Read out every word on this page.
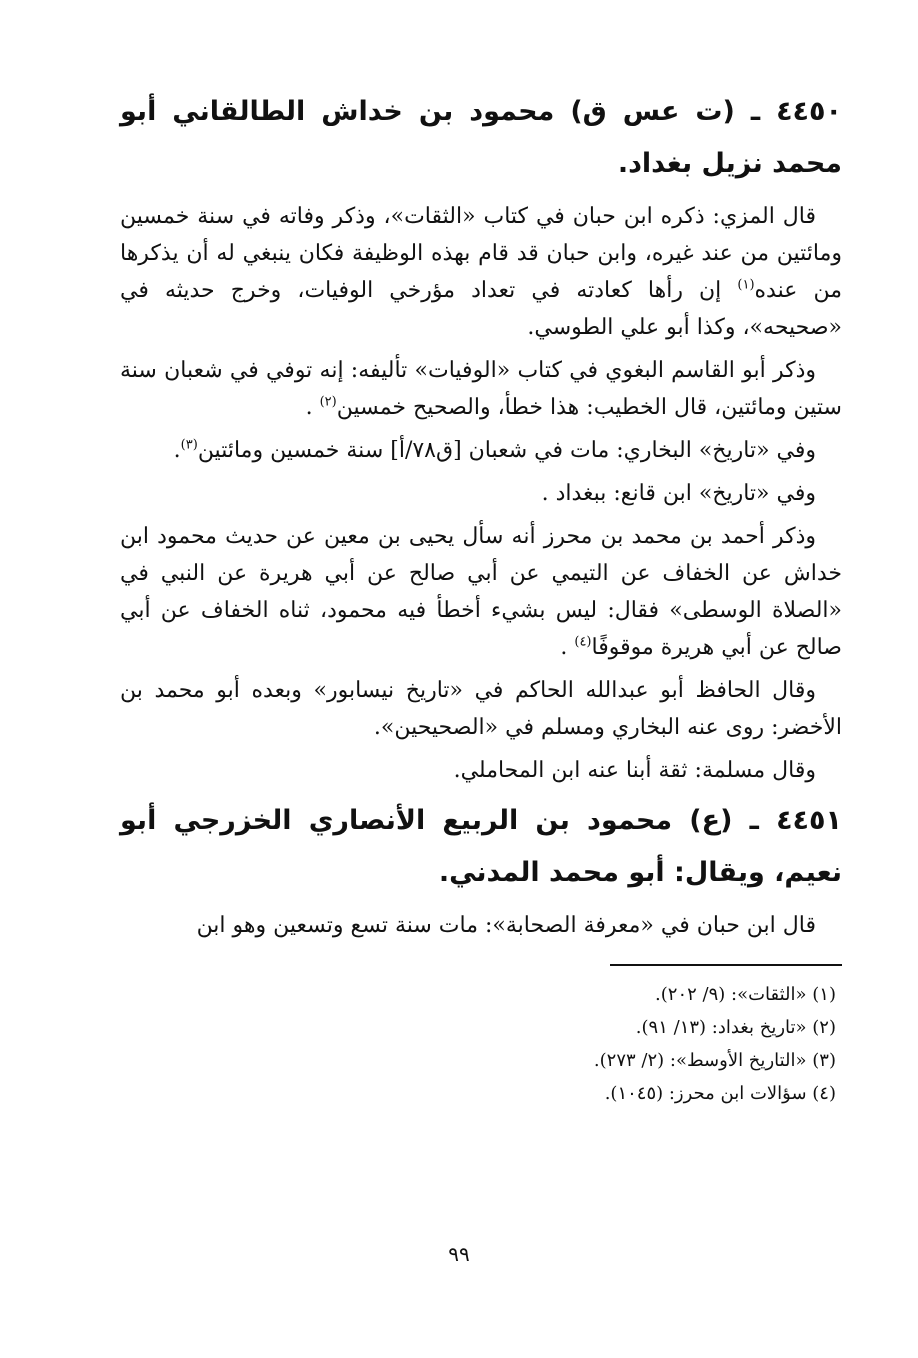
٤٤٥٠ ـ (ت عس ق) محمود بن خداش الطالقاني أبو محمد نزيل بغداد.

قال المزي: ذكره ابن حبان في كتاب «الثقات»، وذكر وفاته في سنة خمسين ومائتين من عند غيره، وابن حبان قد قام بهذه الوظيفة فكان ينبغي له أن يذكرها من عنده$^{(١)}$ إن رأها كعادته في تعداد مؤرخي الوفيات، وخرج حديثه في «صحيحه»، وكذا أبو علي الطوسي.

وذكر أبو القاسم البغوي في كتاب «الوفيات» تأليفه: إنه توفي في شعبان سنة ستين ومائتين، قال الخطيب: هذا خطأ، والصحيح خمسين$^{(٢)}$ .

وفي «تاريخ» البخاري: مات في شعبان [ق٧٨/أ] سنة خمسين ومائتين$^{(٣)}$.

وفي «تاريخ» ابن قانع: ببغداد .

وذكر أحمد بن محمد بن محرز أنه سأل يحيى بن معين عن حديث محمود ابن خداش عن الخفاف عن التيمي عن أبي صالح عن أبي هريرة عن النبي في «الصلاة الوسطى» فقال: ليس بشيء أخطأ فيه محمود، ثناه الخفاف عن أبي صالح عن أبي هريرة موقوفًا$^{(٤)}$ .

وقال الحافظ أبو عبدالله الحاكم في «تاريخ نيسابور» وبعده أبو محمد بن الأخضر: روى عنه البخاري ومسلم في «الصحيحين».

وقال مسلمة: ثقة أبنا عنه ابن المحاملي.

٤٤٥١ ـ (ع) محمود بن الربيع الأنصاري الخزرجي أبو نعيم، ويقال: أبو محمد المدني.

قال ابن حبان في «معرفة الصحابة»: مات سنة تسع وتسعين وهو ابن

(١) «الثقات»: (٩/ ٢٠٢).

(٢) «تاريخ بغداد: (١٣/ ٩١).

(٣) «التاريخ الأوسط»: (٢/ ٢٧٣).

(٤) سؤالات ابن محرز: (١٠٤٥).

٩٩
